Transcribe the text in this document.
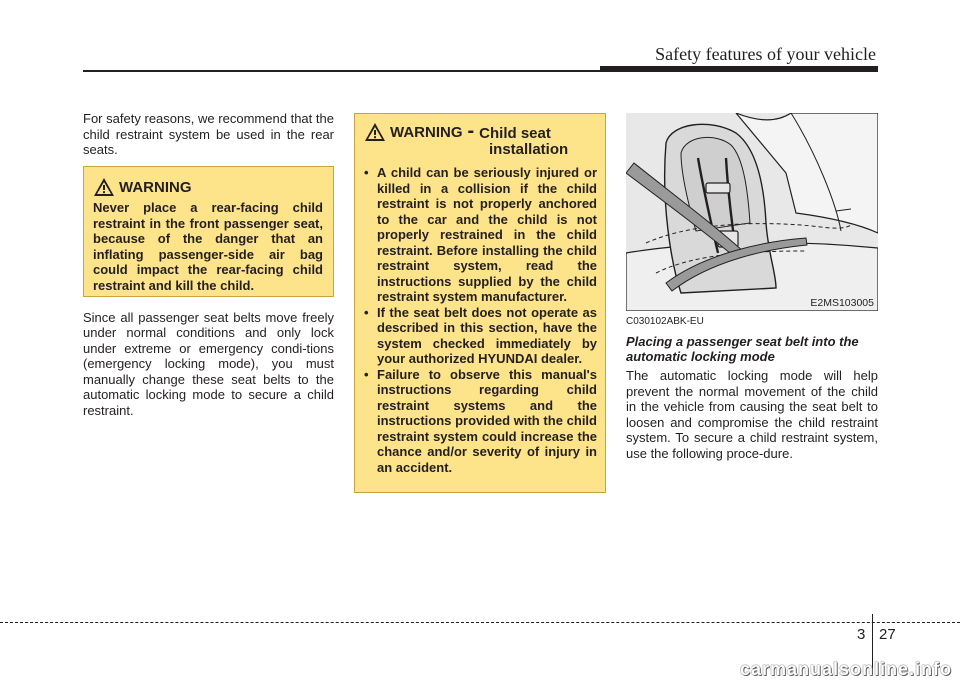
Safety features of your vehicle

For safety reasons, we recommend that the child restraint system be used in the rear seats.

Since all passenger seat belts move freely under normal conditions and only lock under extreme or emergency condi-tions (emergency locking mode), you must manually change these seat belts to the automatic locking mode to secure a child restraint.

WARNING
Never place a rear-facing child restraint in the front passenger seat, because of the danger that an inflating passenger-side air bag could impact the rear-facing child restraint and kill the child.
WARNING - Child seat
installation
• A child can be seriously injured or killed in a collision if the child restraint is not properly anchored to the car and the child is not properly restrained in the child restraint. Before installing the child restraint system, read the instructions supplied by the child restraint system manufacturer.
• If the seat belt does not operate as described in this section, have the system checked immediately by your authorized HYUNDAI dealer.
• Failure to observe this manual's instructions regarding child restraint systems and the instructions provided with the child restraint system could increase the chance and/or severity of injury in an accident.
E2MS103005
C030102ABK-EU
Placing a passenger seat belt into the automatic locking mode

The automatic locking mode will help prevent the normal movement of the child in the vehicle from causing the seat belt to loosen and compromise the child restraint system. To secure a child restraint system, use the following proce-dure.

3 27
carmanualsonline.info
